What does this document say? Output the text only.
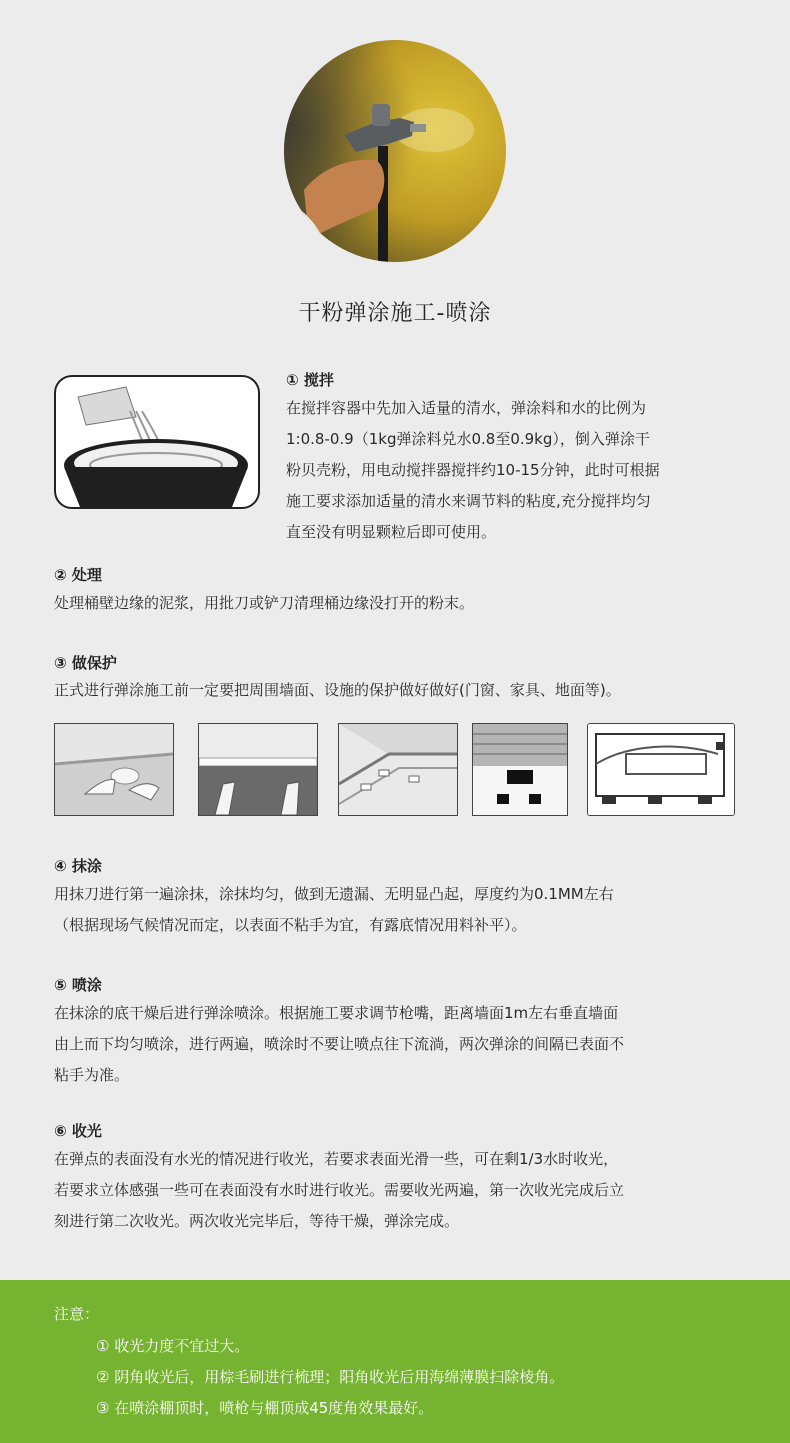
干粉弹涂施工-喷涂
① 搅拌
在搅拌容器中先加入适量的清水，弹涂料和水的比例为
1:0.8-0.9（1kg弹涂料兑水0.8至0.9kg），倒入弹涂干
粉贝壳粉，用电动搅拌器搅拌约10-15分钟，此时可根据
施工要求添加适量的清水来调节料的粘度,充分搅拌均匀
直至没有明显颗粒后即可使用。
② 处理
处理桶壁边缘的泥浆，用批刀或铲刀清理桶边缘没打开的粉末。
③ 做保护
正式进行弹涂施工前一定要把周围墙面、设施的保护做好做好(门窗、家具、地面等)。
④ 抹涂
用抹刀进行第一遍涂抹，涂抹均匀，做到无遗漏、无明显凸起，厚度约为0.1MM左右
（根据现场气候情况而定，以表面不粘手为宜，有露底情况用料补平）。
⑤ 喷涂
在抹涂的底干燥后进行弹涂喷涂。根据施工要求调节枪嘴，距离墙面1m左右垂直墙面
由上而下均匀喷涂，进行两遍，喷涂时不要让喷点往下流淌，两次弹涂的间隔已表面不
粘手为准。
⑥ 收光
在弹点的表面没有水光的情况进行收光，若要求表面光滑一些，可在剩1/3水时收光，
若要求立体感强一些可在表面没有水时进行收光。需要收光两遍，第一次收光完成后立
刻进行第二次收光。两次收光完毕后，等待干燥，弹涂完成。
注意：
① 收光力度不宜过大。
② 阴角收光后，用棕毛刷进行梳理；阳角收光后用海绵薄膜扫除棱角。
③ 在喷涂棚顶时，喷枪与棚顶成45度角效果最好。
